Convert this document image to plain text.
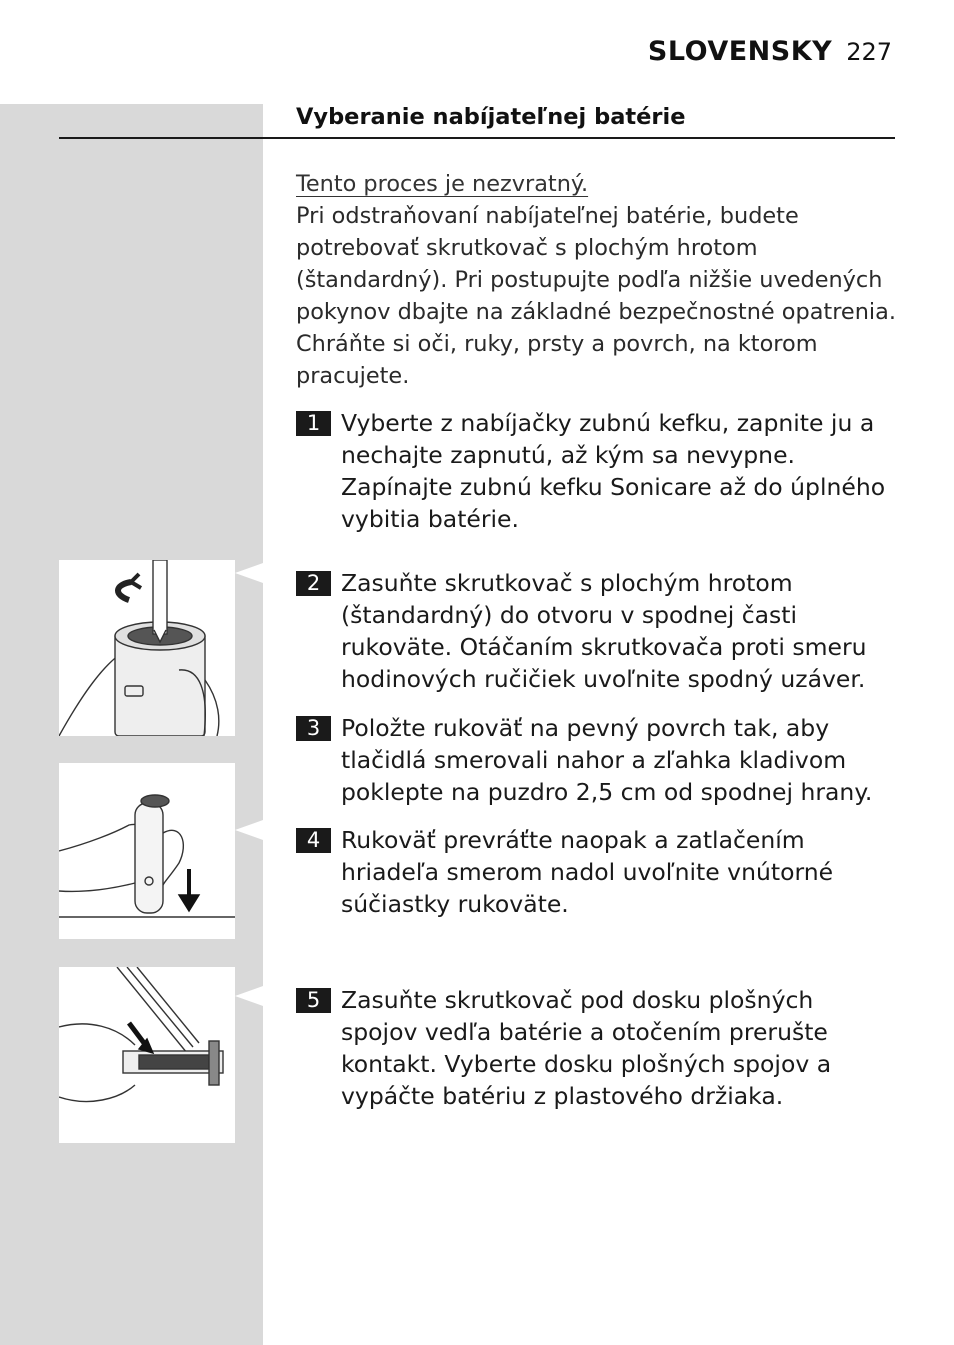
SLOVENSKY 227
Vyberanie nabíjateľnej batérie
Tento proces je nezvratný.
Pri odstraňovaní nabíjateľnej batérie, budete potrebovať skrutkovač s plochým hrotom (štandardný). Pri postupujte podľa nižšie uvedených pokynov dbajte na základné bezpečnostné opatrenia. Chráňte si oči, ruky, prsty a povrch, na ktorom pracujete.
1 Vyberte z nabíjačky zubnú kefku, zapnite ju a nechajte zapnutú, až kým sa nevypne. Zapínajte zubnú kefku Sonicare až do úplného vybitia batérie.
2 Zasuňte skrutkovač s plochým hrotom (štandardný) do otvoru v spodnej časti rukoväte. Otáčaním skrutkovača proti smeru hodinových ručičiek uvoľnite spodný uzáver.
3 Položte rukoväť na pevný povrch tak, aby tlačidlá smerovali nahor a zľahka kladivom poklepte na puzdro 2,5 cm od spodnej hrany.
4 Rukoväť prevráťte naopak a zatlačením hriadeľa smerom nadol uvoľnite vnútorné súčiastky rukoväte.
5 Zasuňte skrutkovač pod dosku plošných spojov vedľa batérie a otočením prerušte kontakt. Vyberte dosku plošných spojov a vypáčte batériu z plastového držiaka.
